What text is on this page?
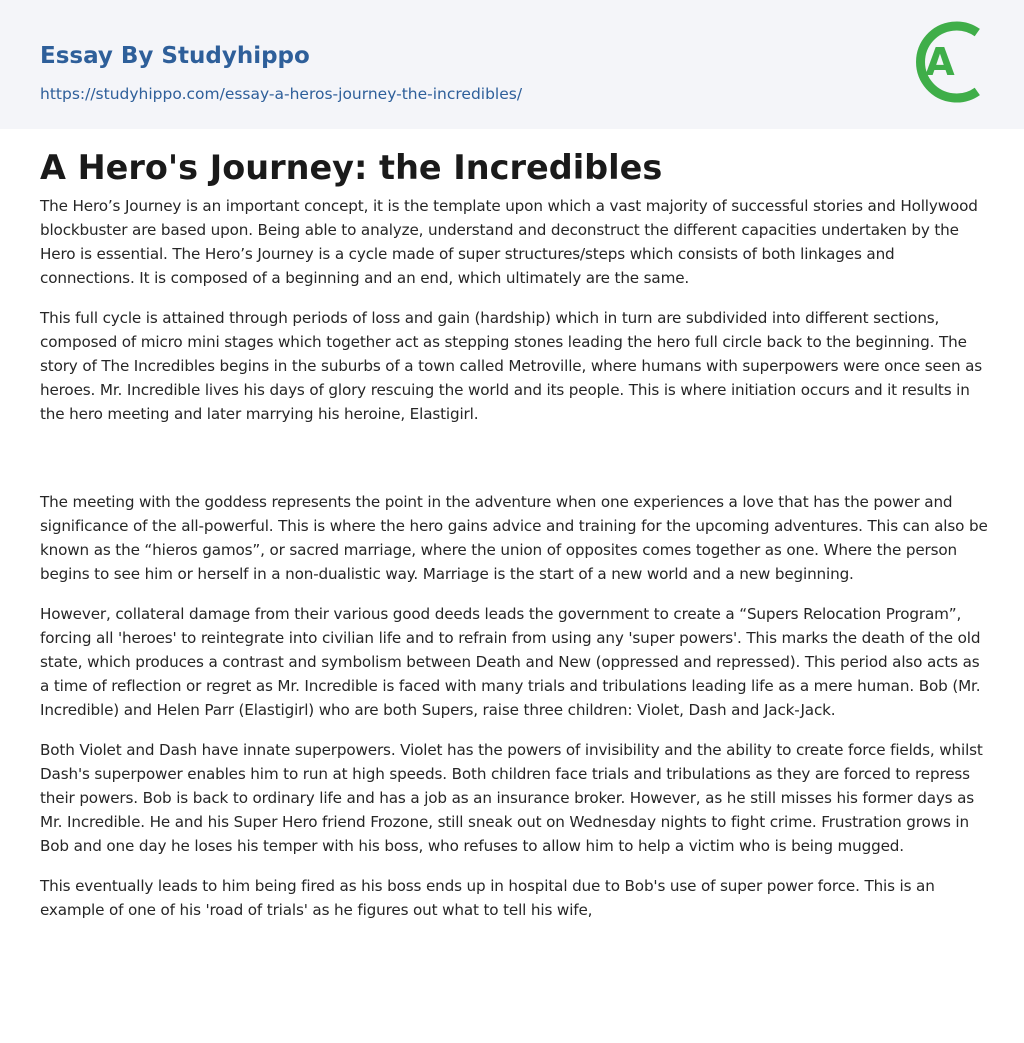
Essay By Studyhippo
https://studyhippo.com/essay-a-heros-journey-the-incredibles/
A
A Hero's Journey: the Incredibles

The Hero’s Journey is an important concept, it is the template upon which a vast majority of successful stories and Hollywood blockbuster are based upon. Being able to analyze, understand and deconstruct the different capacities undertaken by the Hero is essential. The Hero’s Journey is a cycle made of super structures/steps which consists of both linkages and connections. It is composed of a beginning and an end, which ultimately are the same.

This full cycle is attained through periods of loss and gain (hardship) which in turn are subdivided into different sections, composed of micro mini stages which together act as stepping stones leading the hero full circle back to the beginning. The story of The Incredibles begins in the suburbs of a town called Metroville, where humans with superpowers were once seen as heroes. Mr. Incredible lives his days of glory rescuing the world and its people. This is where initiation occurs and it results in the hero meeting and later marrying his heroine, Elastigirl.

The meeting with the goddess represents the point in the adventure when one experiences a love that has the power and significance of the all-powerful. This is where the hero gains advice and training for the upcoming adventures. This can also be known as the “hieros gamos”, or sacred marriage, where the union of opposites comes together as one. Where the person begins to see him or herself in a non-dualistic way. Marriage is the start of a new world and a new beginning.

However, collateral damage from their various good deeds leads the government to create a “Supers Relocation Program”, forcing all 'heroes' to reintegrate into civilian life and to refrain from using any 'super powers'. This marks the death of the old state, which produces a contrast and symbolism between Death and New (oppressed and repressed). This period also acts as a time of reflection or regret as Mr. Incredible is faced with many trials and tribulations leading life as a mere human. Bob (Mr. Incredible) and Helen Parr (Elastigirl) who are both Supers, raise three children: Violet, Dash and Jack-Jack.

Both Violet and Dash have innate superpowers. Violet has the powers of invisibility and the ability to create force fields, whilst Dash's superpower enables him to run at high speeds. Both children face trials and tribulations as they are forced to repress their powers. Bob is back to ordinary life and has a job as an insurance broker. However, as he still misses his former days as Mr. Incredible. He and his Super Hero friend Frozone, still sneak out on Wednesday nights to fight crime. Frustration grows in Bob and one day he loses his temper with his boss, who refuses to allow him to help a victim who is being mugged.

This eventually leads to him being fired as his boss ends up in hospital due to Bob's use of super power force. This is an example of one of his 'road of trials' as he figures out what to tell his wife,
